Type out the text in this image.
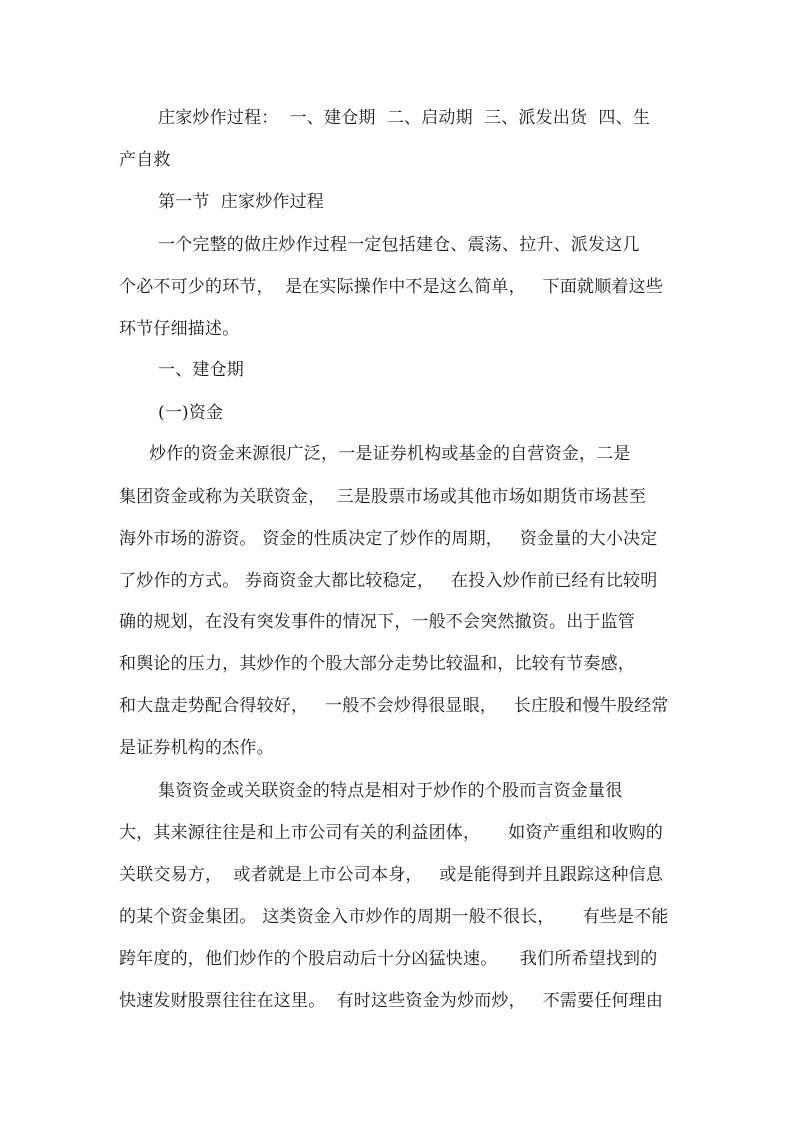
庄家炒作过程：  一、建仓期  二、启动期  三、派发出货  四、生
产自救
第一节  庄家炒作过程
一个完整的做庄炒作过程一定包括建仓、震荡、拉升、派发这几
个必不可少的环节，  是在实际操作中不是这么简单，   下面就顺着这些
环节仔细描述。
一、建仓期
(一)资金
炒作的资金来源很广泛，一是证券机构或基金的自营资金，二是
集团资金或称为关联资金，  三是股票市场或其他市场如期货市场甚至
海外市场的游资。 资金的性质决定了炒作的周期，   资金量的大小决定
了炒作的方式。 券商资金大都比较稳定，   在投入炒作前已经有比较明
确的规划，在没有突发事件的情况下，一般不会突然撤资。出于监管
和舆论的压力，其炒作的个股大部分走势比较温和，比较有节奏感，
和大盘走势配合得较好，   一般不会炒得很显眼，   长庄股和慢牛股经常
是证券机构的杰作。
集资资金或关联资金的特点是相对于炒作的个股而言资金量很
大，其来源往往是和上市公司有关的利益团体，     如资产重组和收购的
关联交易方，  或者就是上市公司本身，   或是能得到并且跟踪这种信息
的某个资金集团。 这类资金入市炒作的周期一般不很长，     有些是不能
跨年度的，他们炒作的个股启动后十分凶猛快速。    我们所希望找到的
快速发财股票往往在这里。  有时这些资金为炒而炒，   不需要任何理由
